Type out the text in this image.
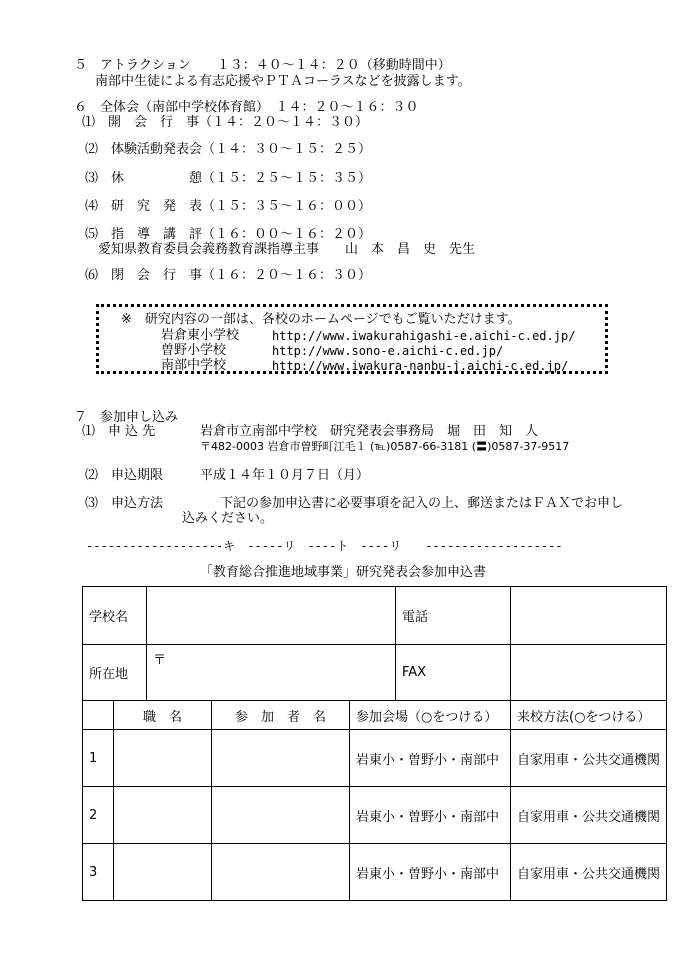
５　アトラクション　　１３：４０～１４：２０（移動時間中）
南部中生徒による有志応援やＰＴＡコーラスなどを披露します。
６　全体会（南部中学校体育館）　１４：２０～１６：３０
⑴　開　会　行　事（１４：２０～１４：３０）
⑵　体験活動発表会（１４：３０～１５：２５）
⑶　休　　　　　憩（１５：２５～１５：３５）
⑷　研　究　発　表（１５：３５～１６：００）
⑸　指　導　講　評（１６：００～１６：２０）
愛知県教育委員会義務教育課指導主事　　山　本　昌　史　先生
⑹　閉　会　行　事（１６：２０～１６：３０）
※　研究内容の一部は、各校のホームページでもご覧いただけます。
岩倉東小学校	http://www.iwakurahigashi-e.aichi-c.ed.jp/
曽野小学校	http://www.sono-e.aichi-c.ed.jp/
南部中学校	http://www.iwakura-nanbu-j.aichi-c.ed.jp/
７　参加申し込み
⑴　申 込 先	岩倉市立南部中学校　研究発表会事務局　堀　田　知　人
〒482-0003 岩倉市曽野町江毛１ (℡)0587-66-3181 (〓)0587-37-9517
⑵　申込期限	平成１４年１０月７日（月）
⑶　申込方法	下記の参加申込書に必要事項を記入の上、郵送またはＦＡＸでお申し
込みください。
-------------------キ -----リ ----ト ----リ -------------------
「教育総合推進地域事業」研究発表会参加申込書
学校名					電話	
所在地		〒			FAX	
	職　名		参　加　者　名	参加会場（○をつける）		来校方法(○をつける）
1				岩東小・曽野小・南部中		自家用車・公共交通機関
2				岩東小・曽野小・南部中		自家用車・公共交通機関
3				岩東小・曽野小・南部中		自家用車・公共交通機関
